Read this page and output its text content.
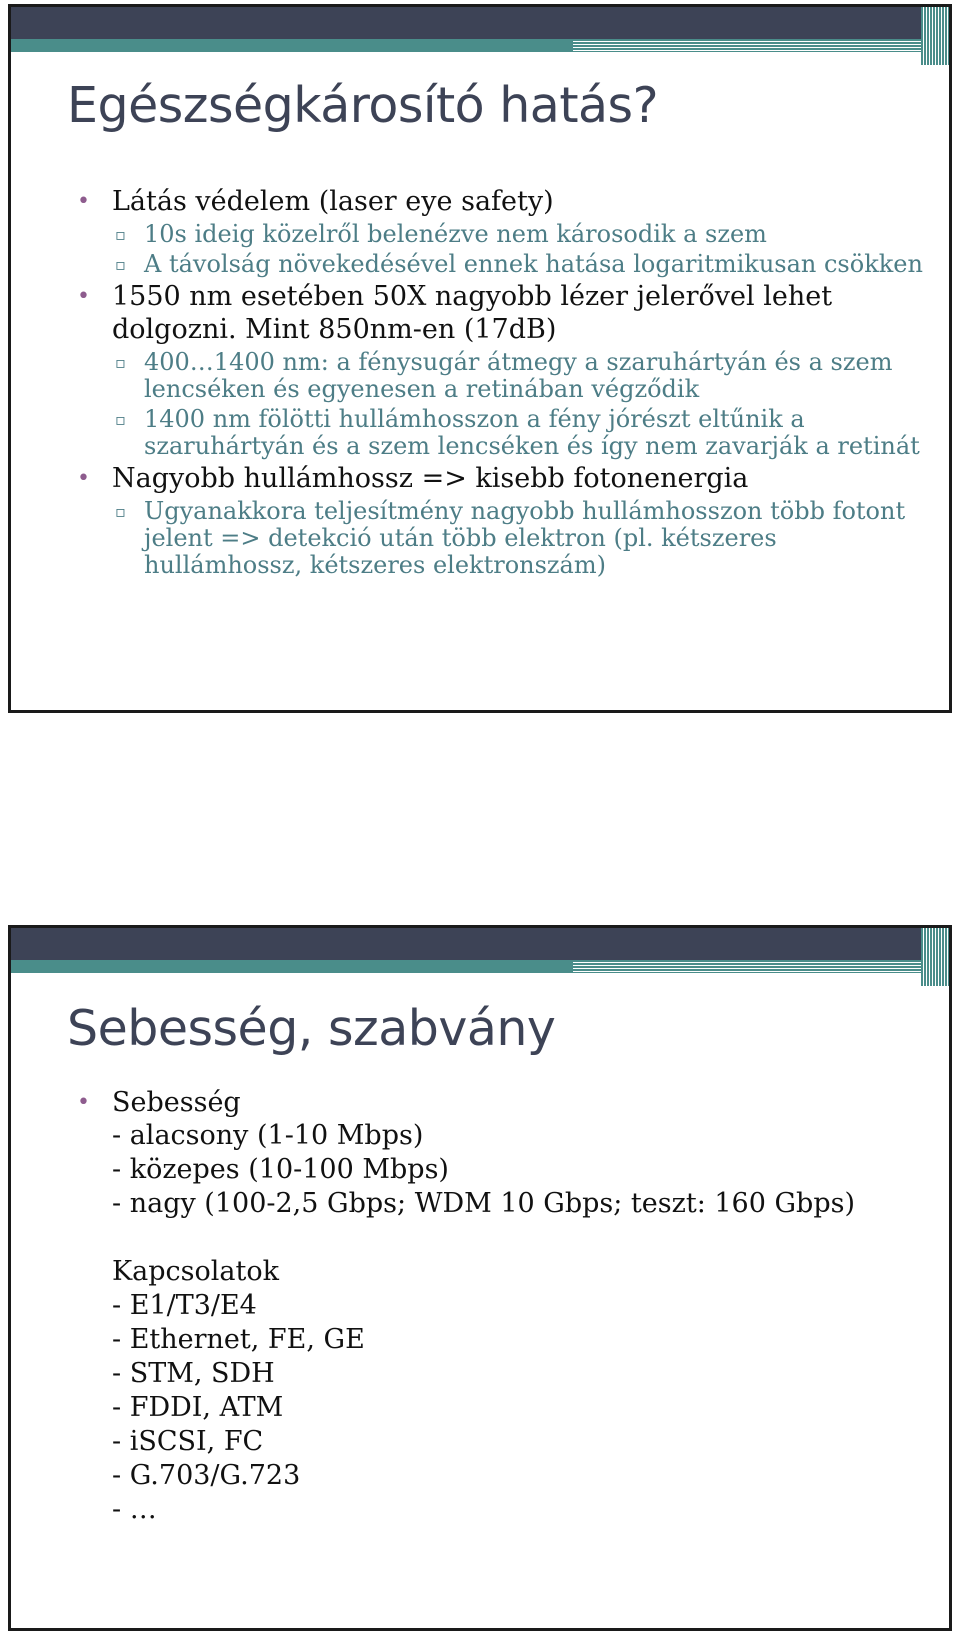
Egészségkárosító hatás?
• Látás védelem (laser eye safety)
▫ 10s ideig közelről belenézve nem károsodik a szem
▫ A távolság növekedésével ennek hatása logaritmikusan csökken
• 1550 nm esetében 50X nagyobb lézer jelerővel lehet dolgozni. Mint 850nm-en (17dB)
▫ 400…1400 nm: a fénysugár átmegy a szaruhártyán és a szem lencséken és egyenesen a retinában végződik
▫ 1400 nm fölötti hullámhosszon a fény jórészt eltűnik a szaruhártyán és a szem lencséken és így nem zavarják a retinát
• Nagyobb hullámhossz => kisebb fotonenergia
▫ Ugyanakkora teljesítmény nagyobb hullámhosszon több fotont jelent => detekció után több elektron (pl. kétszeres hullámhossz, kétszeres elektronszám)
Sebesség, szabvány
• Sebesség
- alacsony (1-10 Mbps)
- közepes (10-100 Mbps)
- nagy (100-2,5 Gbps; WDM 10 Gbps; teszt: 160 Gbps)
Kapcsolatok
- E1/T3/E4
- Ethernet, FE, GE
- STM, SDH
- FDDI, ATM
- iSCSI, FC
- G.703/G.723
- …
